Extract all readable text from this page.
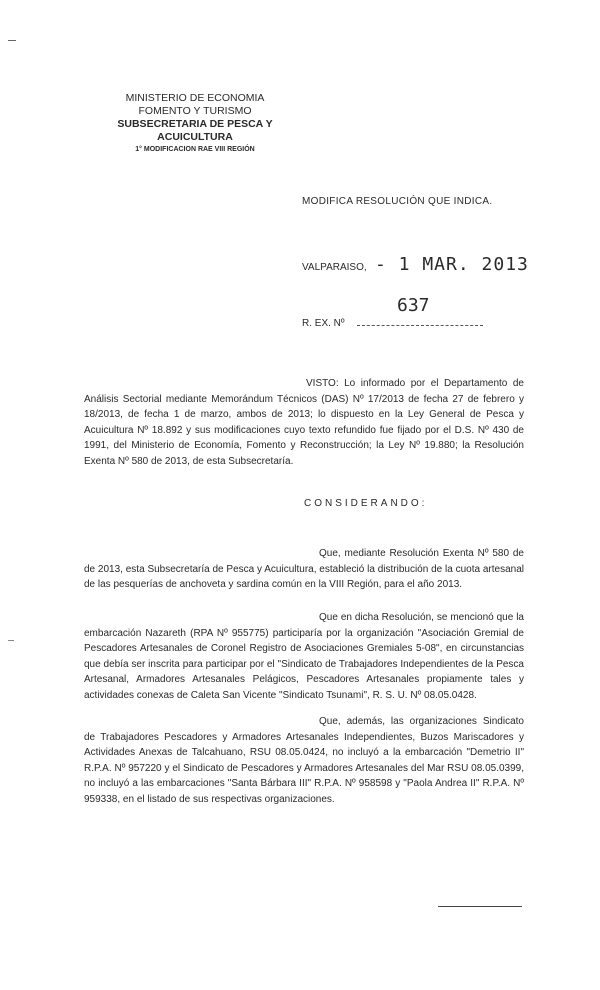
MINISTERIO DE ECONOMIA
FOMENTO Y TURISMO
SUBSECRETARIA DE PESCA Y ACUICULTURA
1° MODIFICACION RAE VIII REGIÓN
MODIFICA RESOLUCIÓN QUE INDICA.
VALPARAISO, - 1 MAR. 2013
637
R. EX. Nº
VISTO: Lo informado por el Departamento de Análisis Sectorial mediante Memorándum Técnicos (DAS) Nº 17/2013 de fecha 27 de febrero y 18/2013, de fecha 1 de marzo, ambos de 2013; lo dispuesto en la Ley General de Pesca y Acuicultura Nº 18.892 y sus modificaciones cuyo texto refundido fue fijado por el D.S. Nº 430 de 1991, del Ministerio de Economía, Fomento y Reconstrucción; la Ley Nº 19.880; la Resolución Exenta Nº 580 de 2013, de esta Subsecretaría.
CONSIDERANDO:
Que, mediante Resolución Exenta Nº 580 de de 2013, esta Subsecretaría de Pesca y Acuicultura, estableció la distribución de la cuota artesanal de las pesquerías de anchoveta y sardina común en la VIII Región, para el año 2013.
Que en dicha Resolución, se mencionó que la embarcación Nazareth (RPA Nº 955775) participaría por la organización "Asociación Gremial de Pescadores Artesanales de Coronel Registro de Asociaciones Gremiales 5-08", en circunstancias que debía ser inscrita para participar por el "Sindicato de Trabajadores Independientes de la Pesca Artesanal, Armadores Artesanales Pelágicos, Pescadores Artesanales propiamente tales y actividades conexas de Caleta San Vicente "Sindicato Tsunami", R. S. U. Nº 08.05.0428.
Que, además, las organizaciones Sindicato de Trabajadores Pescadores y Armadores Artesanales Independientes, Buzos Mariscadores y Actividades Anexas de Talcahuano, RSU 08.05.0424, no incluyó a la embarcación "Demetrio II" R.P.A. Nº 957220 y el Sindicato de Pescadores y Armadores Artesanales del Mar RSU 08.05.0399, no incluyó a las embarcaciones "Santa Bárbara III" R.P.A. Nº 958598 y "Paola Andrea II" R.P.A. Nº 959338, en el listado de sus respectivas organizaciones.
